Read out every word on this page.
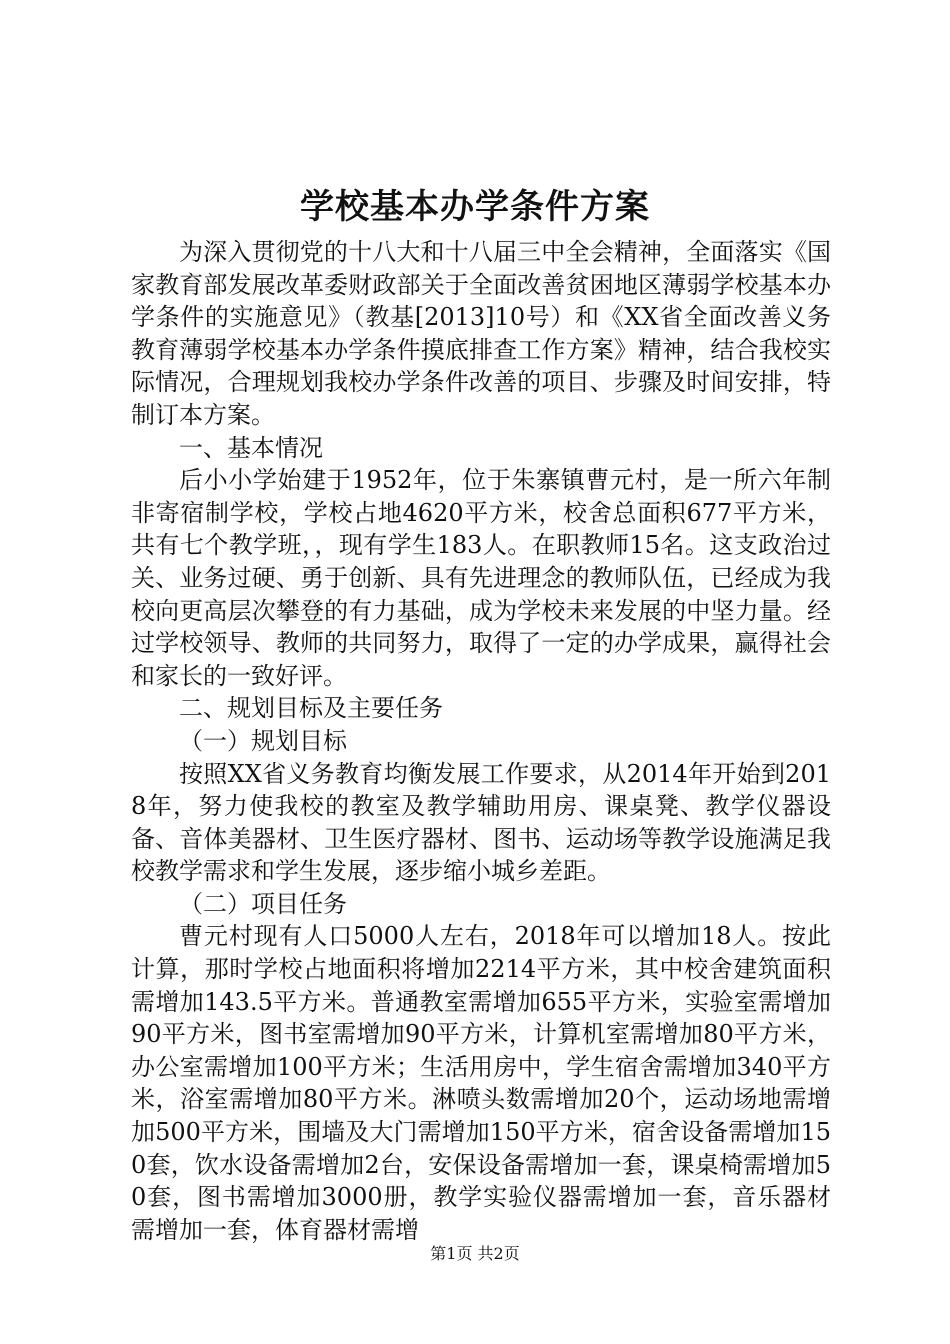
学校基本办学条件方案

为深入贯彻党的十八大和十八届三中全会精神，全面落实《国家教育部发展改革委财政部关于全面改善贫困地区薄弱学校基本办学条件的实施意见》（教基[2013]10号）和《XX省全面改善义务教育薄弱学校基本办学条件摸底排查工作方案》精神，结合我校实际情况，合理规划我校办学条件改善的项目、步骤及时间安排，特制订本方案。

一、基本情况

后小小学始建于1952年，位于朱寨镇曹元村，是一所六年制非寄宿制学校，学校占地4620平方米，校舍总面积677平方米，共有七个教学班，，现有学生183人。在职教师15名。这支政治过关、业务过硬、勇于创新、具有先进理念的教师队伍，已经成为我校向更高层次攀登的有力基础，成为学校未来发展的中坚力量。经过学校领导、教师的共同努力，取得了一定的办学成果，赢得社会和家长的一致好评。

二、规划目标及主要任务

（一）规划目标

按照XX省义务教育均衡发展工作要求，从2014年开始到2018年，努力使我校的教室及教学辅助用房、课桌凳、教学仪器设备、音体美器材、卫生医疗器材、图书、运动场等教学设施满足我校教学需求和学生发展，逐步缩小城乡差距。

（二）项目任务

曹元村现有人口5000人左右，2018年可以增加18人。按此计算，那时学校占地面积将增加2214平方米，其中校舍建筑面积需增加143.5平方米。普通教室需增加655平方米，实验室需增加90平方米，图书室需增加90平方米，计算机室需增加80平方米，办公室需增加100平方米；生活用房中，学生宿舍需增加340平方米，浴室需增加80平方米。淋喷头数需增加20个，运动场地需增加500平方米，围墙及大门需增加150平方米，宿舍设备需增加150套，饮水设备需增加2台，安保设备需增加一套，课桌椅需增加50套，图书需增加3000册，教学实验仪器需增加一套，音乐器材需增加一套，体育器材需增

第1页 共2页
